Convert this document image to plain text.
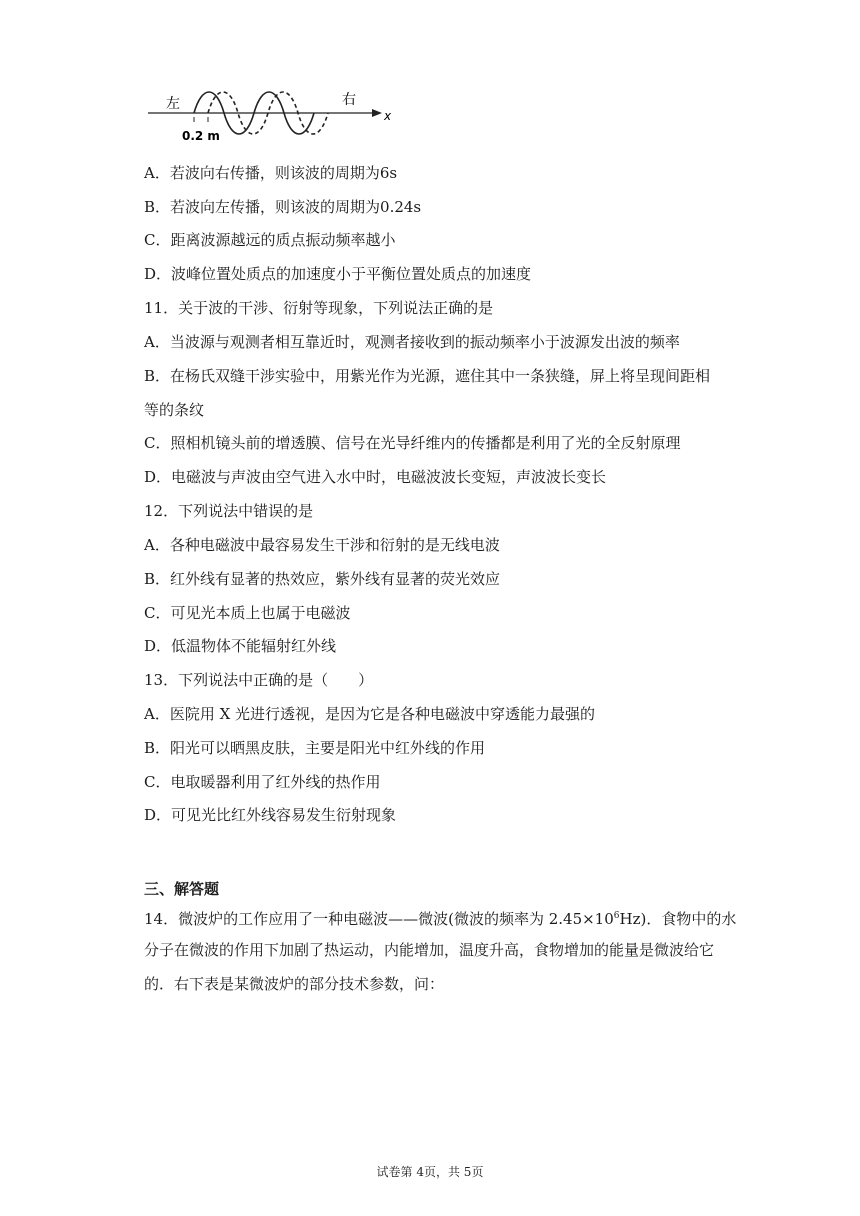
左	右
x
0.2 m
A．若波向右传播，则该波的周期为6s
B．若波向左传播，则该波的周期为0.24s
C．距离波源越远的质点振动频率越小
D．波峰位置处质点的加速度小于平衡位置处质点的加速度
11．关于波的干涉、衍射等现象，下列说法正确的是
A．当波源与观测者相互靠近时，观测者接收到的振动频率小于波源发出波的频率
B．在杨氏双缝干涉实验中，用紫光作为光源，遮住其中一条狭缝，屏上将呈现间距相
等的条纹
C．照相机镜头前的增透膜、信号在光导纤维内的传播都是利用了光的全反射原理
D．电磁波与声波由空气进入水中时，电磁波波长变短，声波波长变长
12．下列说法中错误的是
A．各种电磁波中最容易发生干涉和衍射的是无线电波
B．红外线有显著的热效应，紫外线有显著的荧光效应
C．可见光本质上也属于电磁波
D．低温物体不能辐射红外线
13．下列说法中正确的是（　　）
A．医院用 X 光进行透视，是因为它是各种电磁波中穿透能力最强的
B．阳光可以晒黑皮肤，主要是阳光中红外线的作用
C．电取暖器利用了红外线的热作用
D．可见光比红外线容易发生衍射现象
三、解答题
14．微波炉的工作应用了一种电磁波——微波(微波的频率为 $2.45\times 10^6Hz$)．食物中的水
分子在微波的作用下加剧了热运动，内能增加，温度升高，食物增加的能量是微波给它
的．右下表是某微波炉的部分技术参数，问：
试卷第 4页，共 5页
